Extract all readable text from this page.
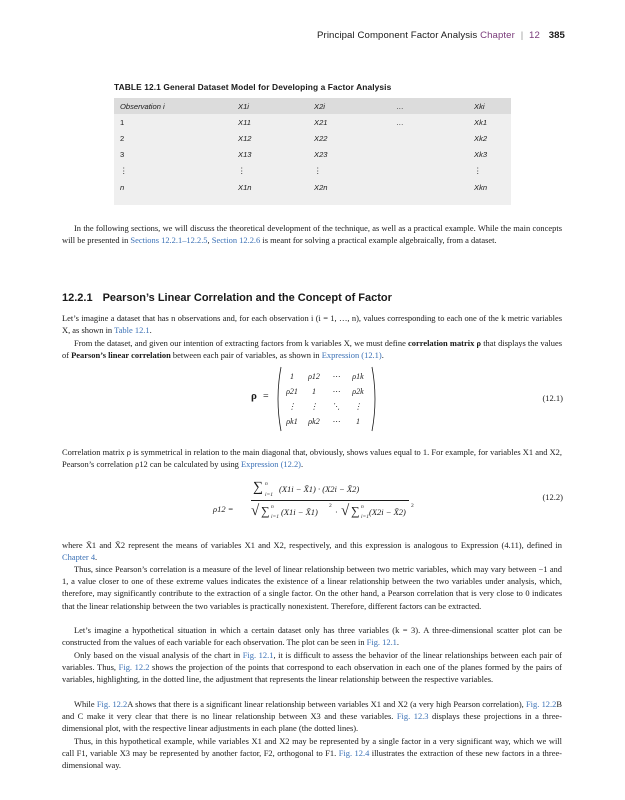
Principal Component Factor Analysis Chapter | 12 385
TABLE 12.1 General Dataset Model for Developing a Factor Analysis
Observation i	X1i	X2i	…	Xki
1	X11	X21	…	Xk1
2	X12	X22		Xk2
3	X13	X23		Xk3
⋮	⋮	⋮		⋮
n	X1n	X2n		Xkn

In the following sections, we will discuss the theoretical development of the technique, as well as a practical example. While the main concepts will be presented in Sections 12.2.1–12.2.5, Section 12.2.6 is meant for solving a practical example algebraically, from a dataset.
12.2.1 Pearson’s Linear Correlation and the Concept of Factor
Let’s imagine a dataset that has n observations and, for each observation i (i = 1, …, n), values corresponding to each one of the k metric variables X, as shown in Table 12.1.
From the dataset, and given our intention of extracting factors from k variables X, we must define correlation matrix ρ that displays the values of Pearson’s linear correlation between each pair of variables, as shown in Expression (12.1).
ρ =
1	ρ12	⋯	ρ1k
ρ21	1	⋯	ρ2k
⋮	⋮	⋱	⋮
ρk1	ρk2	⋯	1
(12.1)
Correlation matrix ρ is symmetrical in relation to the main diagonal that, obviously, shows values equal to 1. For example, for variables X1 and X2, Pearson’s correlation ρ12 can be calculated by using Expression (12.2).
ρ12 =
∑ n
i=1
(X1i − X̄1) · (X2i − X̄2)
√ ∑ n
i=1 (X1i − X̄1)
2
· √ ∑ n
i=1 (X2i − X̄2)
2
(12.2)
where X̄1 and X̄2 represent the means of variables X1 and X2, respectively, and this expression is analogous to Expression (4.11), defined in Chapter 4.
Thus, since Pearson’s correlation is a measure of the level of linear relationship between two metric variables, which may vary between −1 and 1, a value closer to one of these extreme values indicates the existence of a linear relationship between the two variables under analysis, which, therefore, may significantly contribute to the extraction of a single factor. On the other hand, a Pearson correlation that is very close to 0 indicates that the linear relationship between the two variables is practically nonexistent. Therefore, different factors can be extracted.
Let’s imagine a hypothetical situation in which a certain dataset only has three variables (k = 3). A three-dimensional scatter plot can be constructed from the values of each variable for each observation. The plot can be seen in Fig. 12.1.
Only based on the visual analysis of the chart in Fig. 12.1, it is difficult to assess the behavior of the linear relationships between each pair of variables. Thus, Fig. 12.2 shows the projection of the points that correspond to each observation in each one of the planes formed by the pairs of variables, highlighting, in the dotted line, the adjustment that represents the linear relationship between the respective variables.
While Fig. 12.2A shows that there is a significant linear relationship between variables X1 and X2 (a very high Pearson correlation), Fig. 12.2B and C make it very clear that there is no linear relationship between X3 and these variables. Fig. 12.3 displays these projections in a three-dimensional plot, with the respective linear adjustments in each plane (the dotted lines).
Thus, in this hypothetical example, while variables X1 and X2 may be represented by a single factor in a very significant way, which we will call F1, variable X3 may be represented by another factor, F2, orthogonal to F1. Fig. 12.4 illustrates the extraction of these new factors in a three-dimensional way.
